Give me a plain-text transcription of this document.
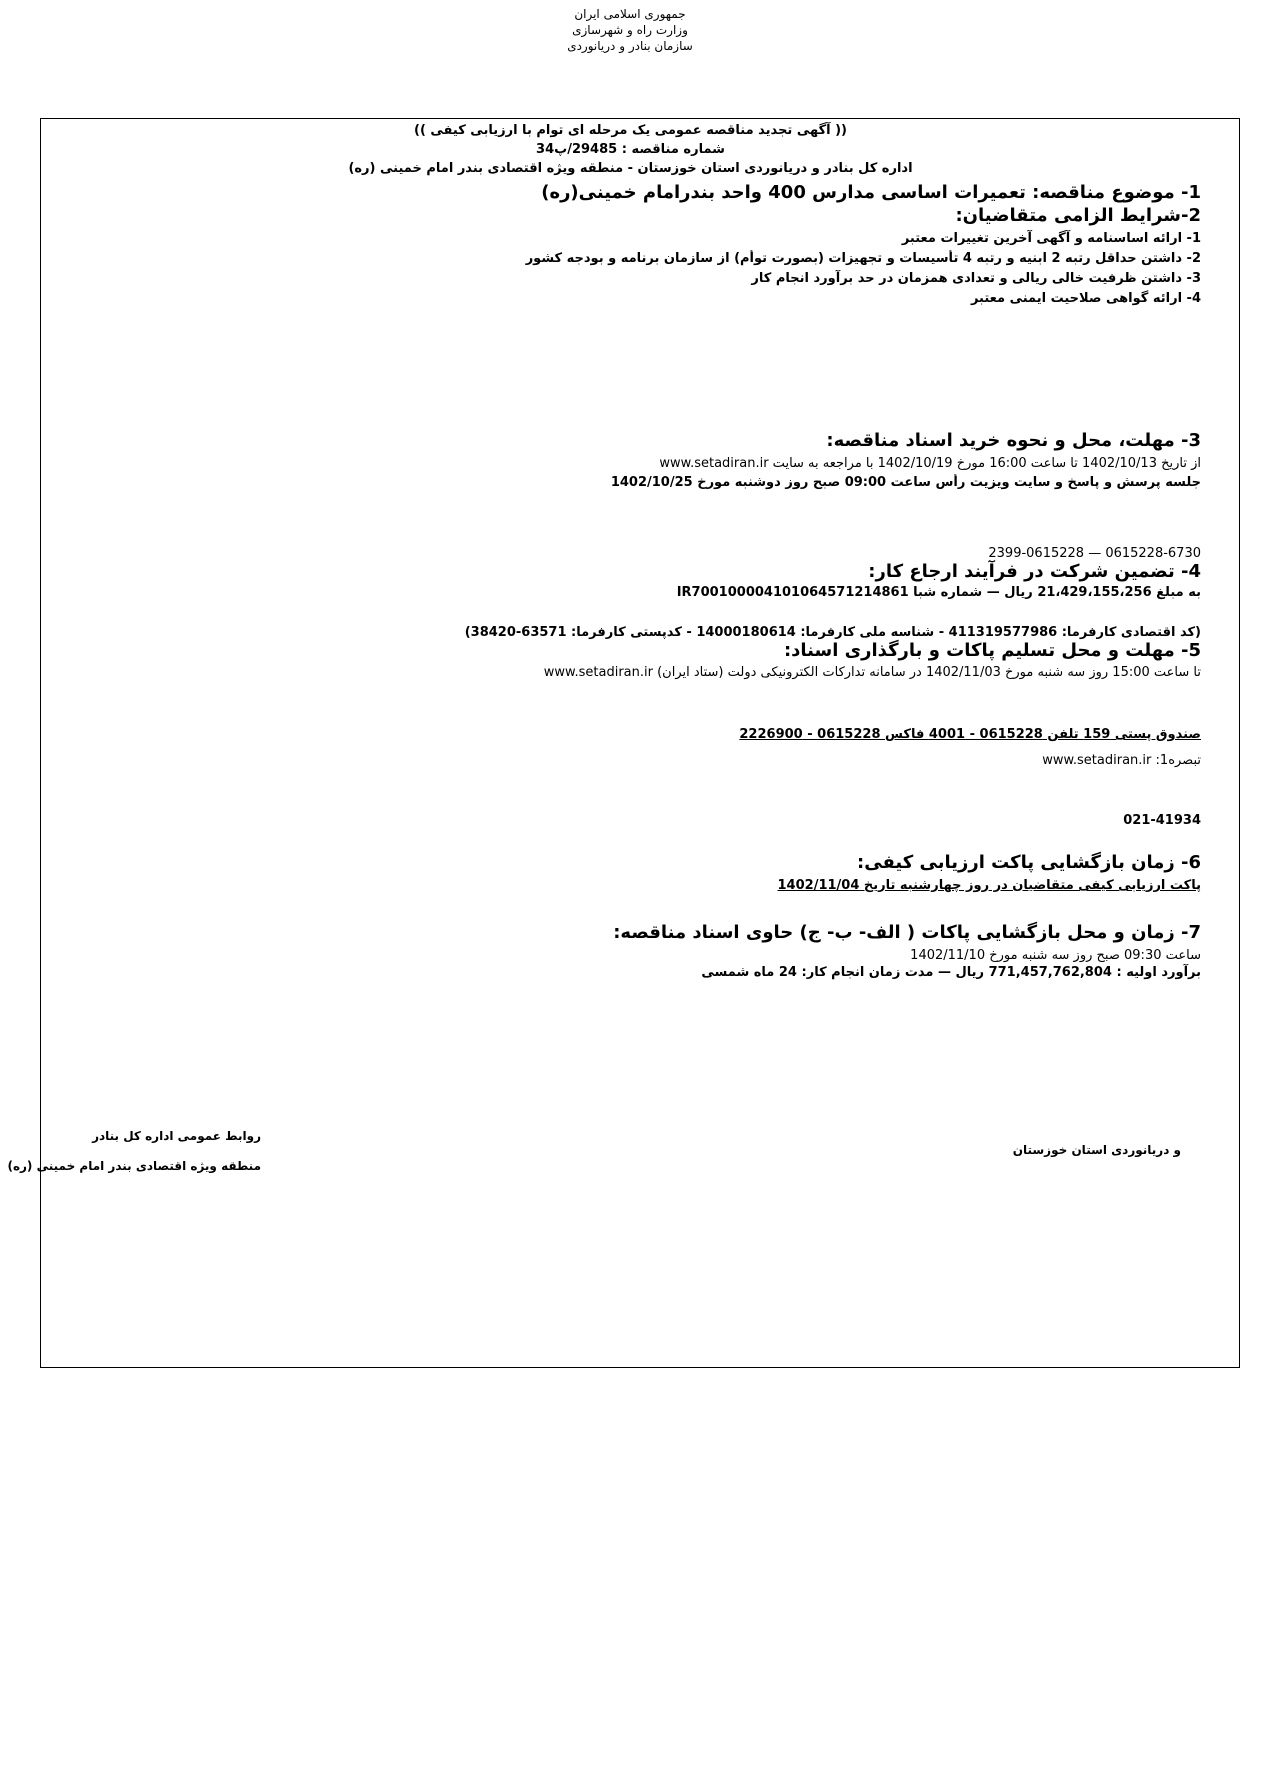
جمهوری اسلامی ایران
وزارت راه و شهرسازی
سازمان بنادر و دریانوردی
(( آگهی تجدید مناقصه عمومی یک مرحله ای توام با ارزیابی کیفی ))
شماره مناقصه : 29485/پ34
اداره کل بنادر و دریانوردی استان خوزستان - منطقه ویژه اقتصادی بندر امام خمینی (ره)
1- موضوع مناقصه: تعمیرات اساسی مدارس 400 واحد بندرامام خمینی(ره)
2-شرایط الزامی متقاضیان:
1- ارائه اساسنامه و آگهی آخرین تغییرات معتبر
2- داشتن حداقل رتبه 2 ابنیه و رتبه 4 تأسیسات و تجهیزات (بصورت توأم) از سازمان برنامه و بودجه کشور
3- داشتن ظرفیت خالی ریالی و تعدادی همزمان در حد برآورد انجام کار
4- ارائه گواهی صلاحیت ایمنی معتبر
3- مهلت، محل و نحوه خرید اسناد مناقصه:
از تاریخ 1402/10/13 تا ساعت 16:00 مورخ 1402/10/19 با مراجعه به سایت www.setadiran.ir
جلسه پرسش و پاسخ و سایت ویزیت رأس ساعت 09:00 صبح روز دوشنبه مورخ 1402/10/25
0615228-6730 — 2399-0615228
4- تضمین شرکت در فرآیند ارجاع کار:
به مبلغ 21،429،155،256 ریال — شماره شبا IR700100004101064571214861
(کد اقتصادی کارفرما: 411319577986 - شناسه ملی کارفرما: 14000180614 - کدپستی کارفرما: 63571-38420)
5- مهلت و محل تسلیم پاکات و بارگذاری اسناد:
تا ساعت 15:00 روز سه شنبه مورخ 1402/11/03 در سامانه تدارکات الکترونیکی دولت (ستاد ایران) www.setadiran.ir
صندوق پستی 159 تلفن 0615228 - 4001 فاکس 0615228 - 2226900
تبصره1: www.setadiran.ir
021-41934
6- زمان بازگشایی پاکت ارزیابی کیفی:
پاکت ارزیابی کیفی متقاضیان در روز چهارشنبه تاریخ 1402/11/04
7- زمان و محل بازگشایی پاکات ( الف- ب- ج) حاوی اسناد مناقصه:
ساعت 09:30 صبح روز سه شنبه مورخ 1402/11/10
برآورد اولیه : 771,457,762,804 ریال — مدت زمان انجام کار: 24 ماه شمسی
روابط عمومی اداره کل بنادر
منطقه ویژه اقتصادی بندر امام خمینی (ره)
و دریانوردی استان خوزستان
